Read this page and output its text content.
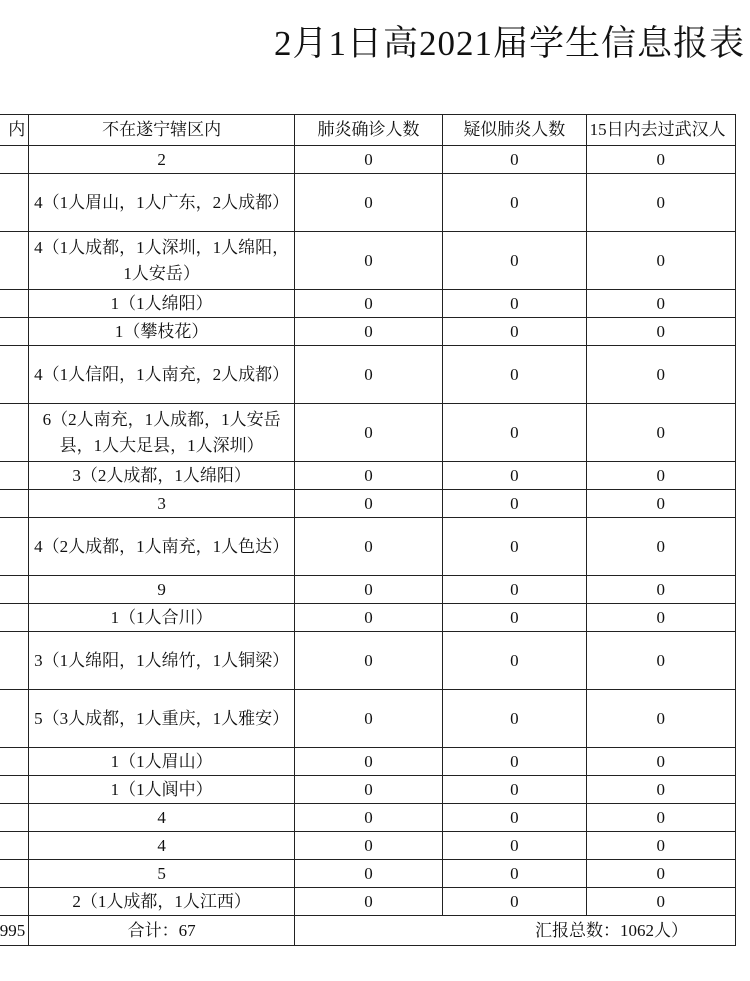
2月1日高2021届学生信息报表
内	不在遂宁辖区内	肺炎确诊人数	疑似肺炎人数	15日内去过武汉人
	2	0	0	0
	4（1人眉山，1人广东，2人成都）	0	0	0
	4（1人成都，1人深圳，1人绵阳，1人安岳）	0	0	0
	1（1人绵阳）	0	0	0
	1（攀枝花）	0	0	0
	4（1人信阳，1人南充，2人成都）	0	0	0
	6（2人南充，1人成都，1人安岳县，1人大足县，1人深圳）	0	0	0
	3（2人成都，1人绵阳）	0	0	0
	3	0	0	0
	4（2人成都，1人南充，1人色达）	0	0	0
	9	0	0	0
	1（1人合川）	0	0	0
	3（1人绵阳，1人绵竹，1人铜梁）	0	0	0
	5（3人成都，1人重庆，1人雅安）	0	0	0
	1（1人眉山）	0	0	0
	1（1人阆中）	0	0	0
	4	0	0	0
	4	0	0	0
	5	0	0	0
	2（1人成都，1人江西）	0	0	0
995	合计：67	汇报总数：1062人）		
